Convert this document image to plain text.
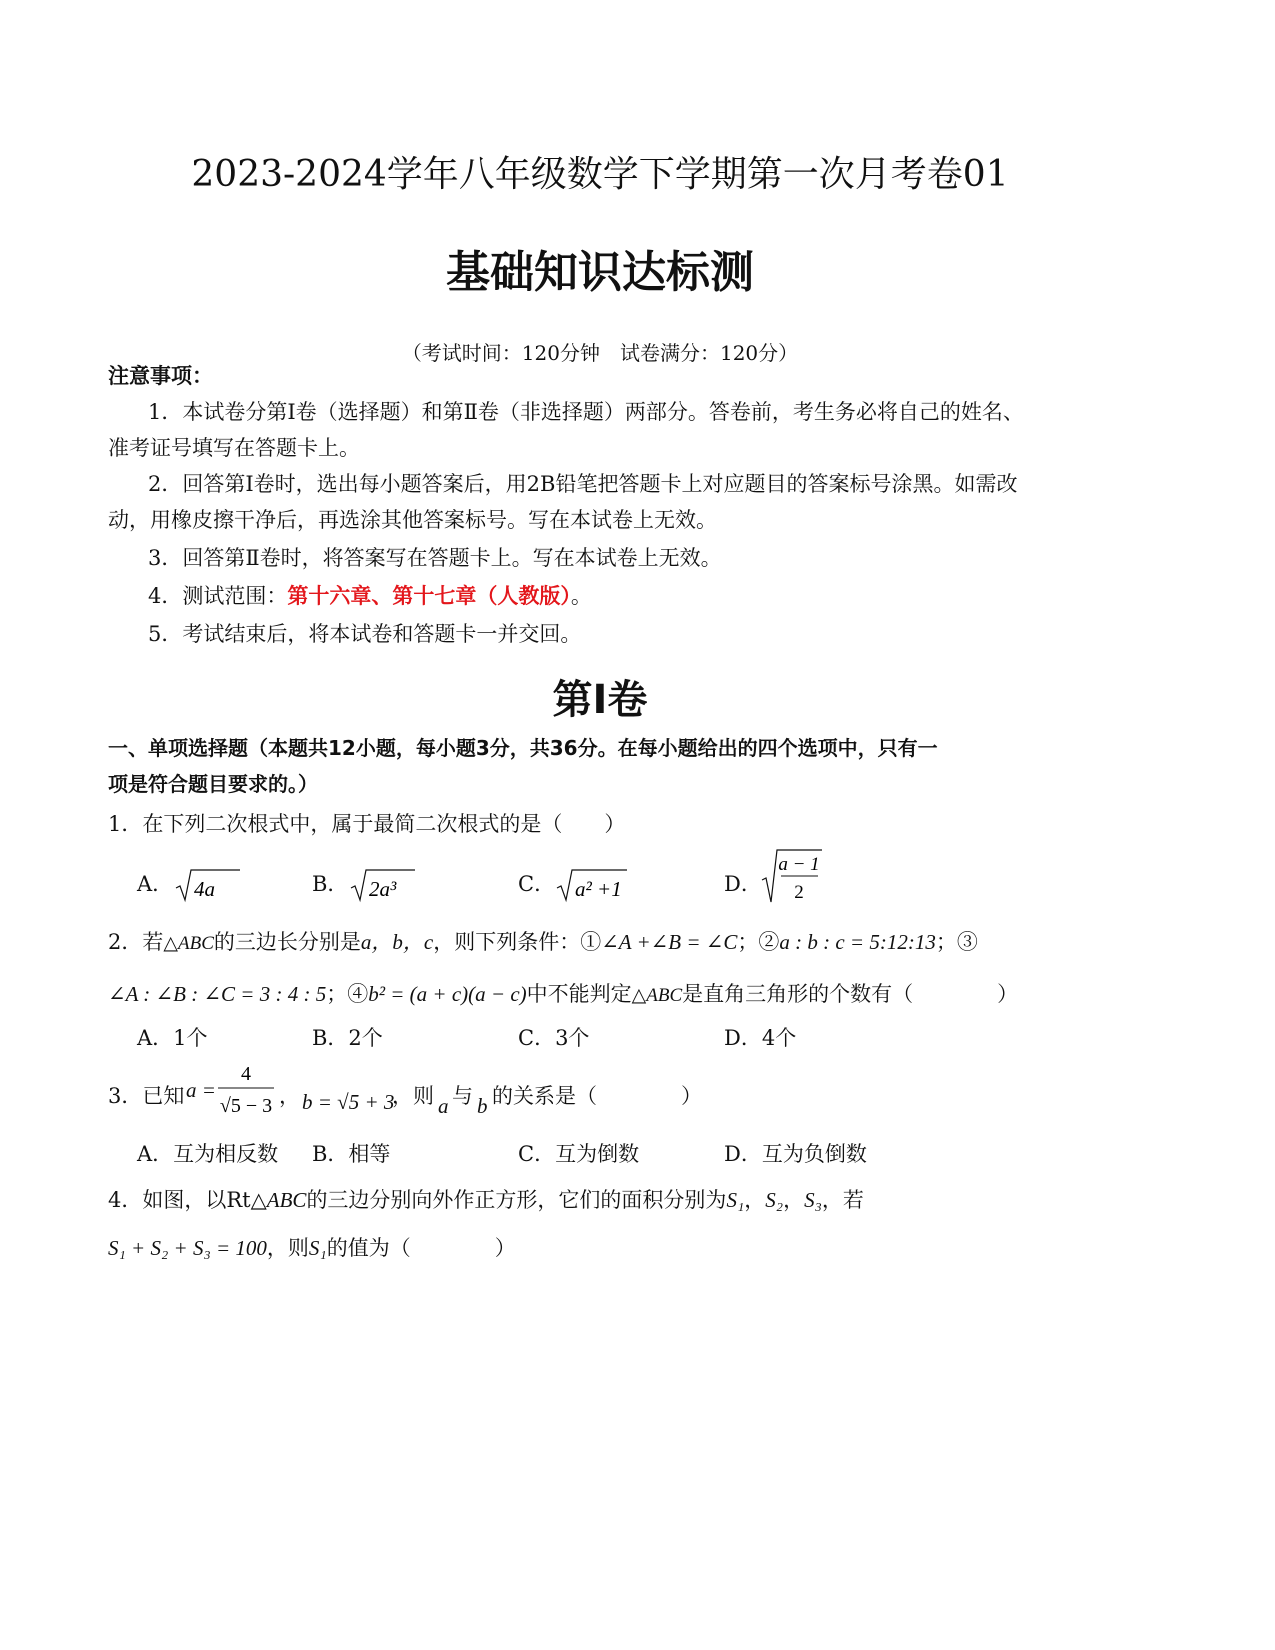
2023-2024学年八年级数学下学期第一次月考卷01
基础知识达标测
（考试时间：120分钟　试卷满分：120分）
注意事项：
1．本试卷分第Ⅰ卷（选择题）和第Ⅱ卷（非选择题）两部分。答卷前，考生务必将自己的姓名、
准考证号填写在答题卡上。
2．回答第Ⅰ卷时，选出每小题答案后，用2B铅笔把答题卡上对应题目的答案标号涂黑。如需改
动，用橡皮擦干净后，再选涂其他答案标号。写在本试卷上无效。
3．回答第Ⅱ卷时，将答案写在答题卡上。写在本试卷上无效。
4．测试范围：第十六章、第十七章（人教版）。
5．考试结束后，将本试卷和答题卡一并交回。
第Ⅰ卷
一、单项选择题（本题共12小题，每小题3分，共36分。在每小题给出的四个选项中，只有一
项是符合题目要求的。）
1．在下列二次根式中，属于最简二次根式的是（　　）
A． 4a	B． 2a³	C． a² +1	D．
a − 1
2
2．若△ABC的三边长分别是a，b，c，则下列条件：①∠A +∠B = ∠C；②a : b : c = 5:12:13；③
∠A : ∠B : ∠C = 3 : 4 : 5；④b² = (a + c)(a − c)中不能判定△ABC是直角三角形的个数有（　　　　）
A．1个	B．2个	C．3个	D．4个
3．已知 a =
4
√5 − 3 ， b = √5 + 3
，则 a 与 b 的关系是（　　　　）
A．互为相反数 B．相等	C．互为倒数	D．互为负倒数
4．如图，以Rt△ABC的三边分别向外作正方形，它们的面积分别为S₁，S₂，S₃，若
S₁ + S₂ + S₃ = 100，则S₁的值为（　　　　）
